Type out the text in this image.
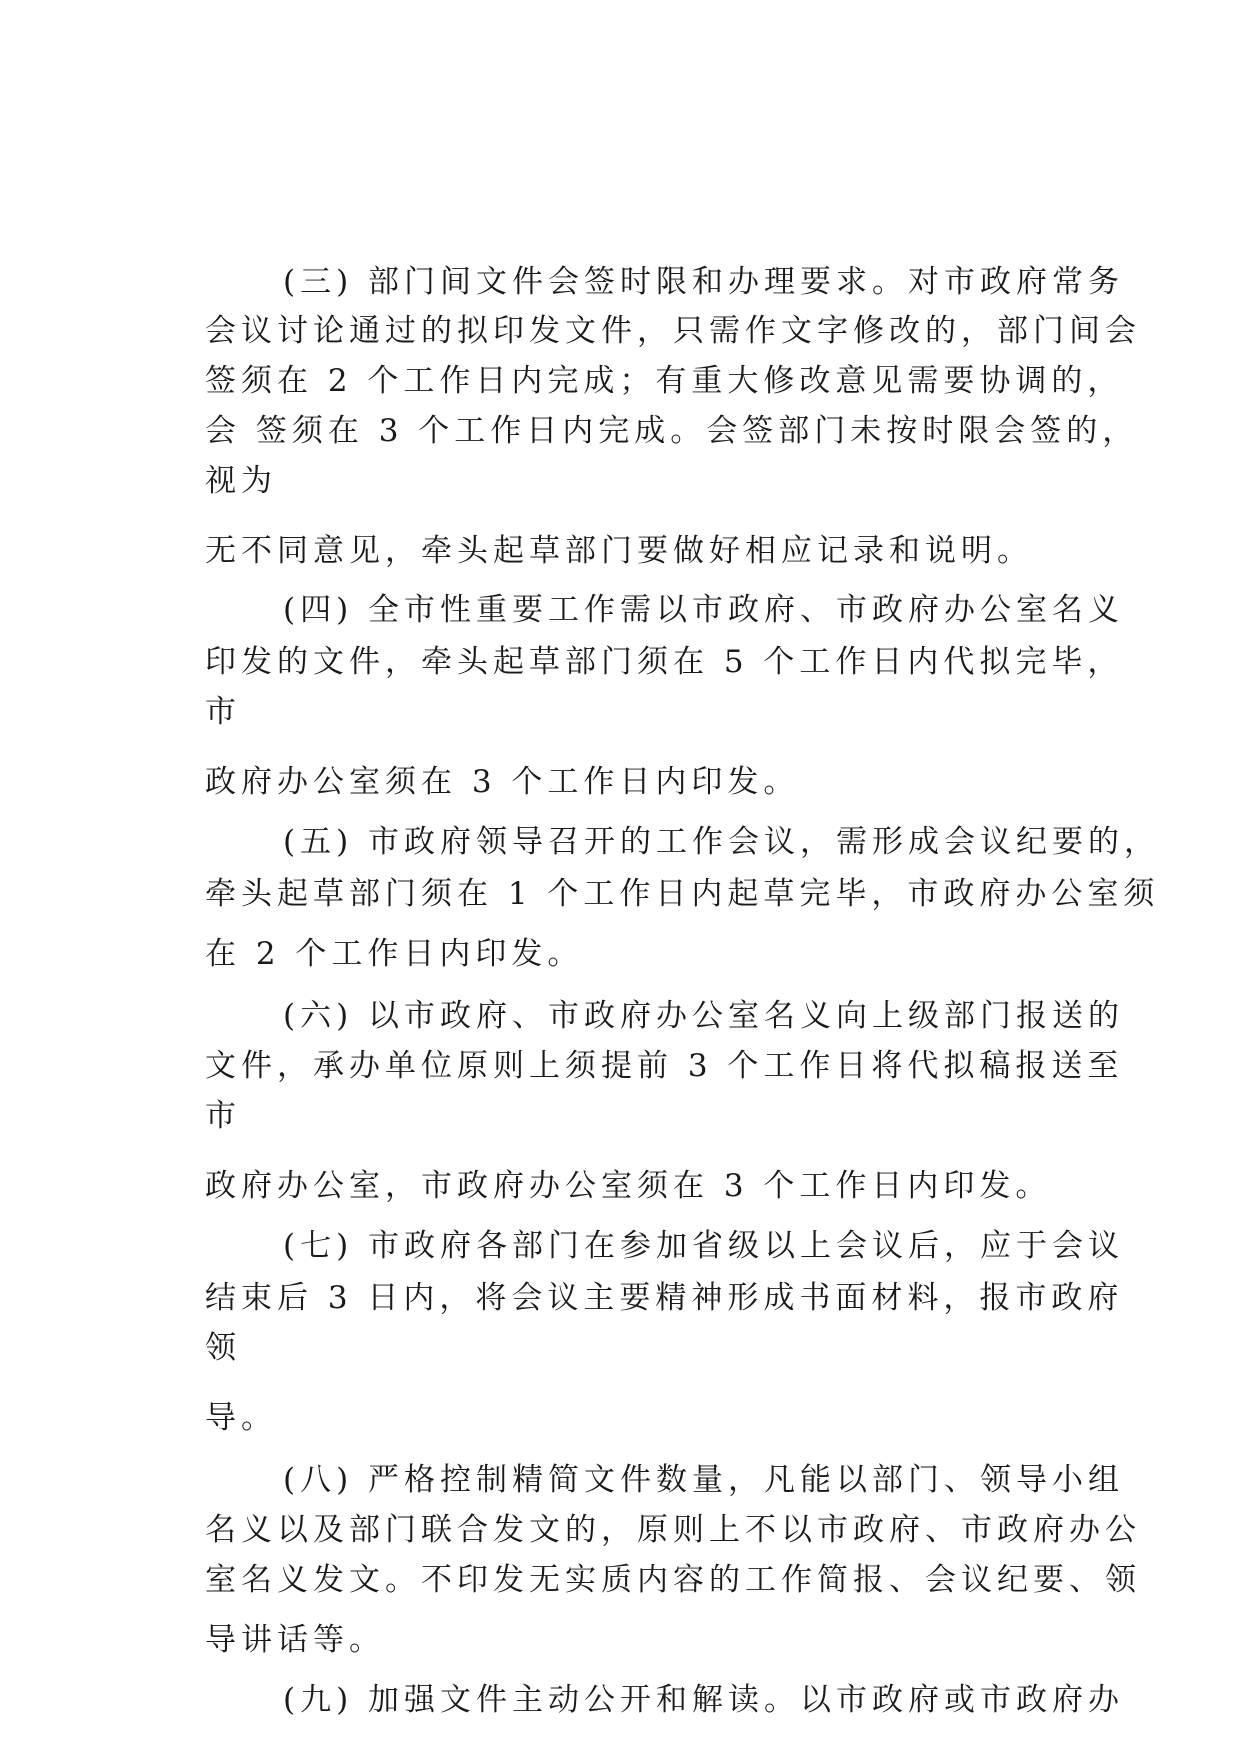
(三) 部门间文件会签时限和办理要求。对市政府常务
会议讨论通过的拟印发文件，只需作文字修改的，部门间会
签须在 2 个工作日内完成；有重大修改意见需要协调的，
会 签须在 3 个工作日内完成。会签部门未按时限会签的，
视为
无不同意见，牵头起草部门要做好相应记录和说明。
(四) 全市性重要工作需以市政府、市政府办公室名义
印发的文件，牵头起草部门须在 5 个工作日内代拟完毕，
市
政府办公室须在 3 个工作日内印发。
(五) 市政府领导召开的工作会议，需形成会议纪要的，
牵头起草部门须在 1 个工作日内起草完毕，市政府办公室须
在 2 个工作日内印发。
(六) 以市政府、市政府办公室名义向上级部门报送的
文件，承办单位原则上须提前 3 个工作日将代拟稿报送至
市
政府办公室，市政府办公室须在 3 个工作日内印发。
(七) 市政府各部门在参加省级以上会议后，应于会议
结束后 3 日内，将会议主要精神形成书面材料，报市政府
领
导。
(八) 严格控制精简文件数量，凡能以部门、领导小组
名义以及部门联合发文的，原则上不以市政府、市政府办公
室名义发文。不印发无实质内容的工作简报、会议纪要、领
导讲话等。
(九) 加强文件主动公开和解读。以市政府或市政府办
